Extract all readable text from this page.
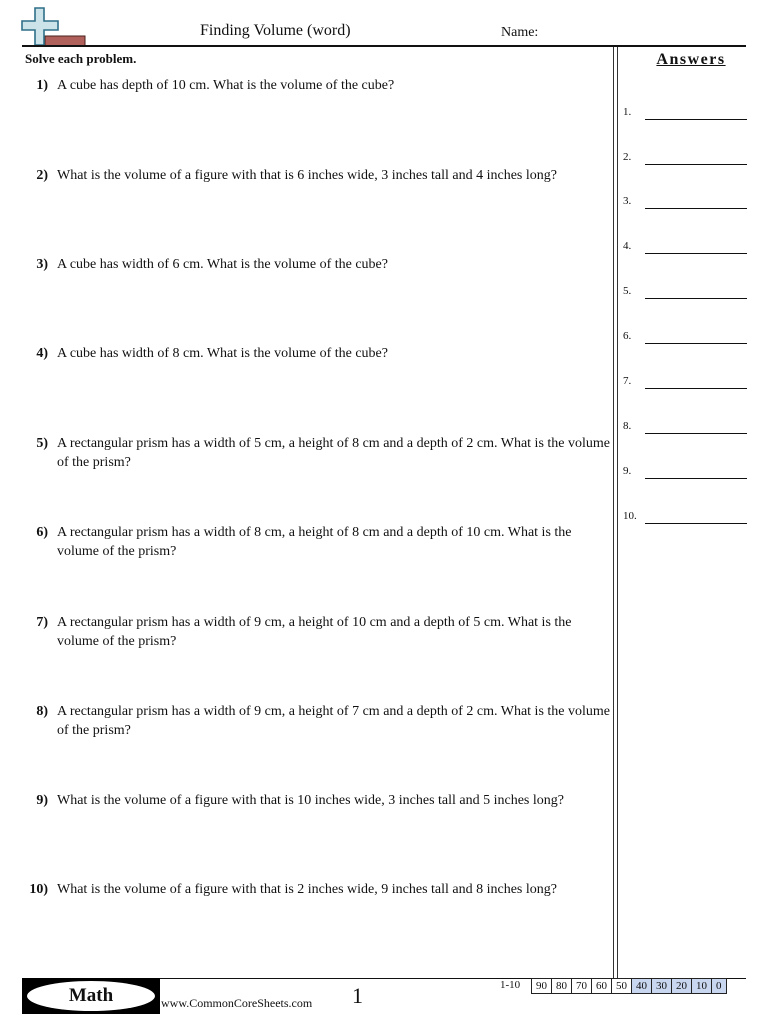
Finding Volume (word)	Name:
Solve each problem.	Answers
1) A cube has depth of 10 cm. What is the volume of the cube?
2) What is the volume of a figure with that is 6 inches wide, 3 inches tall and 4 inches long?
3) A cube has width of 6 cm. What is the volume of the cube?
4) A cube has width of 8 cm. What is the volume of the cube?
5) A rectangular prism has a width of 5 cm, a height of 8 cm and a depth of 2 cm. What is the volume of the prism?
6) A rectangular prism has a width of 8 cm, a height of 8 cm and a depth of 10 cm. What is the volume of the prism?
7) A rectangular prism has a width of 9 cm, a height of 10 cm and a depth of 5 cm. What is the volume of the prism?
8) A rectangular prism has a width of 9 cm, a height of 7 cm and a depth of 2 cm. What is the volume of the prism?
9) What is the volume of a figure with that is 10 inches wide, 3 inches tall and 5 inches long?
10) What is the volume of a figure with that is 2 inches wide, 9 inches tall and 8 inches long?
1.
2.
3.
4.
5.
6.
7.
8.
9.
10.
Math	www.CommonCoreSheets.com 1	1-10	90 80 70 60 50 40 30 20 10 0
